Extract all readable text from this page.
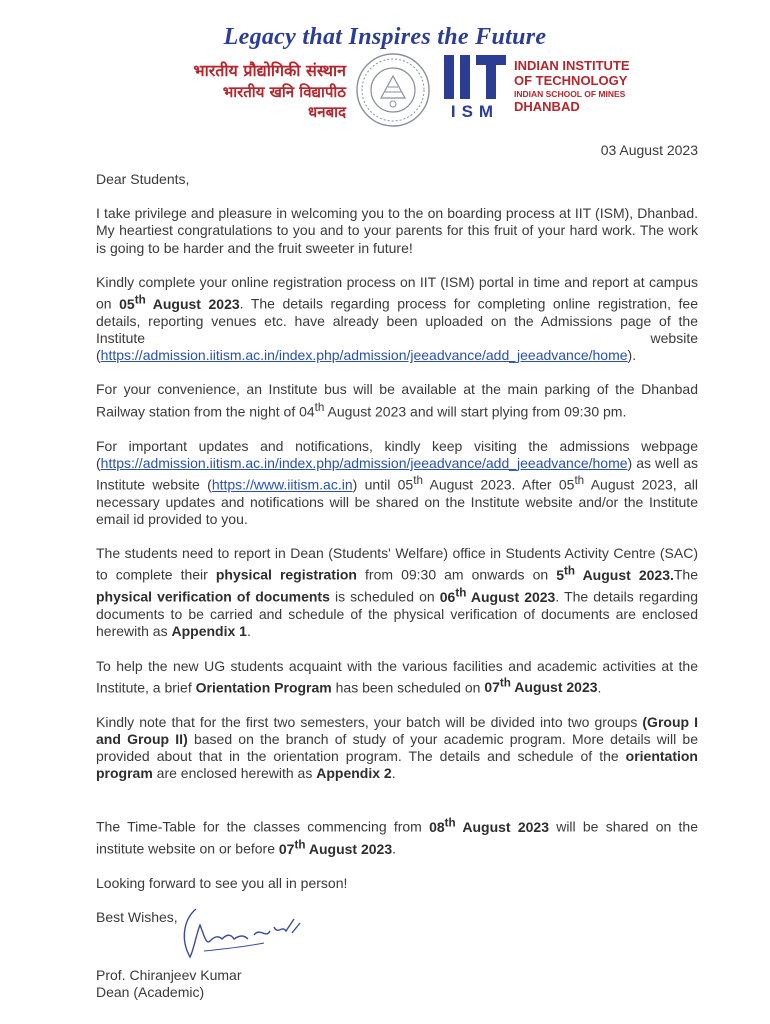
Legacy that Inspires the Future
भारतीय प्रौद्योगिकी संस्थान
भारतीय खनि विद्यापीठ
धनबाद	ISM
INDIAN INSTITUTE
OF TECHNOLOGY
INDIAN SCHOOL OF MINES
DHANBAD
03 August 2023

Dear Students,

I take privilege and pleasure in welcoming you to the on boarding process at IIT (ISM), Dhanbad. My heartiest congratulations to you and to your parents for this fruit of your hard work. The work is going to be harder and the fruit sweeter in future!

Kindly complete your online registration process on IIT (ISM) portal in time and report at campus on 05th August 2023. The details regarding process for completing online registration, fee details, reporting venues etc. have already been uploaded on the Admissions page of the Institute website (https://admission.iitism.ac.in/index.php/admission/jeeadvance/add_jeeadvance/home).

For your convenience, an Institute bus will be available at the main parking of the Dhanbad Railway station from the night of 04th August 2023 and will start plying from 09:30 pm.

For important updates and notifications, kindly keep visiting the admissions webpage (https://admission.iitism.ac.in/index.php/admission/jeeadvance/add_jeeadvance/home) as well as Institute website (https://www.iitism.ac.in) until 05th August 2023. After 05th August 2023, all necessary updates and notifications will be shared on the Institute website and/or the Institute email id provided to you.

The students need to report in Dean (Students' Welfare) office in Students Activity Centre (SAC) to complete their physical registration from 09:30 am onwards on 5th August 2023.The physical verification of documents is scheduled on 06th August 2023. The details regarding documents to be carried and schedule of the physical verification of documents are enclosed herewith as Appendix 1.

To help the new UG students acquaint with the various facilities and academic activities at the Institute, a brief Orientation Program has been scheduled on 07th August 2023.

Kindly note that for the first two semesters, your batch will be divided into two groups (Group I and Group II) based on the branch of study of your academic program. More details will be provided about that in the orientation program. The details and schedule of the orientation program are enclosed herewith as Appendix 2.

The Time-Table for the classes commencing from 08th August 2023 will be shared on the institute website on or before 07th August 2023.

Looking forward to see you all in person!

Best Wishes,

Prof. Chiranjeev Kumar

Dean (Academic)
